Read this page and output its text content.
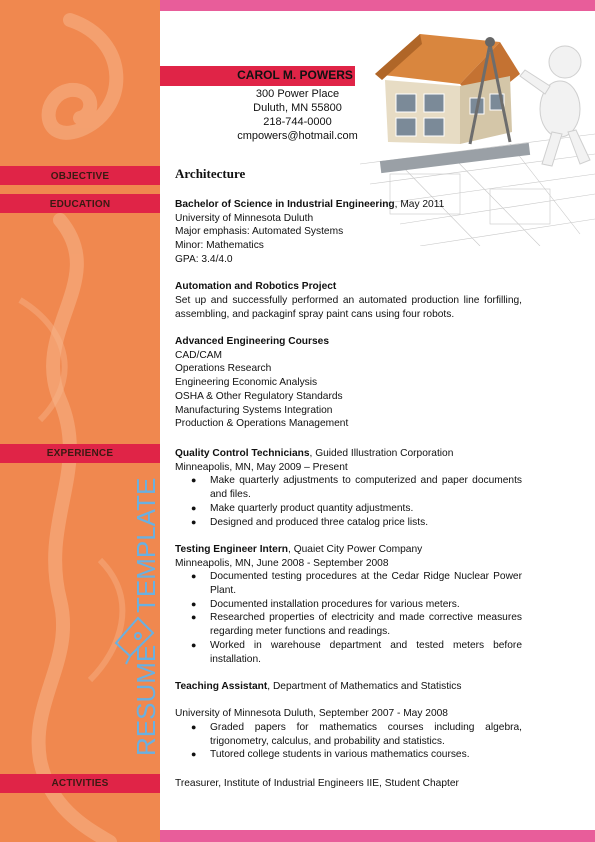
OBJECTIVE
EDUCATION
EXPERIENCE
ACTIVITIES
RESUME
TEMPLATE
CAROL M. POWERS
300 Power Place
Duluth, MN 55800
218-744-0000
cmpowers@hotmail.com
Architecture
Bachelor of Science in Industrial Engineering, May 2011
University of Minnesota Duluth
Major emphasis: Automated Systems
Minor: Mathematics
GPA: 3.4/4.0
Automation and Robotics Project
Set up and successfully performed an automated production line forfilling, assembling, and packaginf spray paint cans using four robots.
Advanced Engineering Courses
CAD/CAM
Operations Research
Engineering Economic Analysis
OSHA & Other Regulatory Standards
Manufacturing Systems Integration
Production & Operations Management
Quality Control Technicians, Guided Illustration Corporation
Minneapolis, MN, May 2009 – Present
● Make quarterly adjustments to computerized and paper documents and files.
● Make quarterly product quantity adjustments.
● Designed and produced three catalog price lists.
Testing Engineer Intern, Quaiet City Power Company
Minneapolis, MN, June 2008 - September 2008
● Documented testing procedures at the Cedar Ridge Nuclear Power Plant.
● Documented installation procedures for various meters.
● Researched properties of electricity and made corrective measures regarding meter functions and readings.
● Worked in warehouse department and tested meters before installation.
Teaching Assistant, Department of Mathematics and Statistics
University of Minnesota Duluth, September 2007 - May 2008
● Graded papers for mathematics courses including algebra, trigonometry, calculus, and probability and statistics.
● Tutored college students in various mathematics courses.
Treasurer, Institute of Industrial Engineers IIE, Student Chapter
